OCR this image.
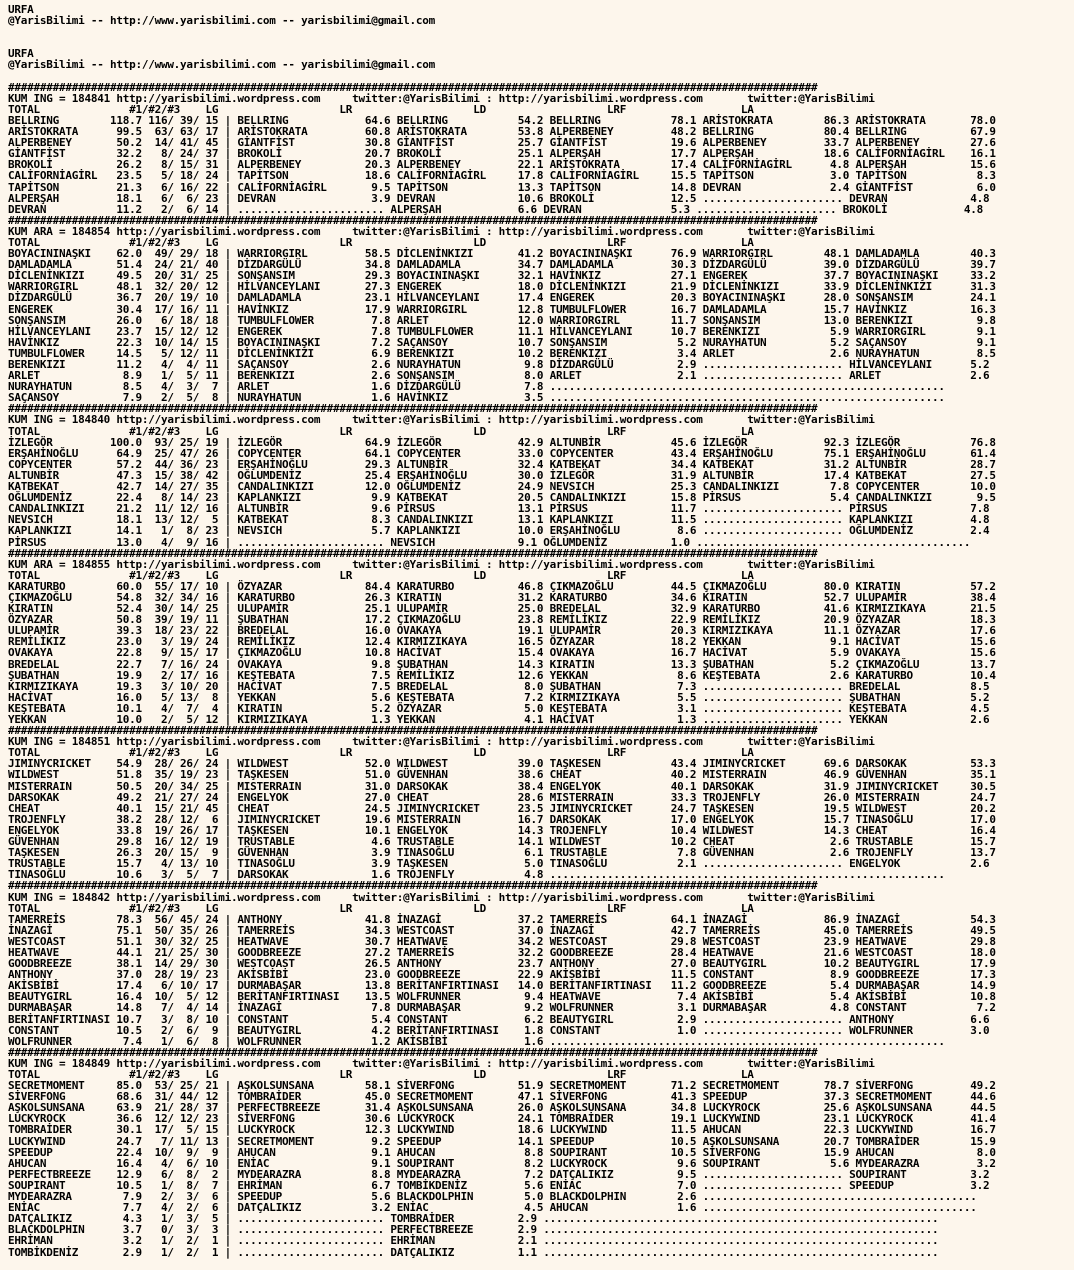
URFA
@YarisBilimi -- http://www.yarisbilimi.com -- yarisbilimi@gmail.com

URFA
@YarisBilimi -- http://www.yarisbilimi.com -- yarisbilimi@gmail.com

###############################################################################################################################
KUM ING = 184841 http://yarisbilimi.wordpress.com     twitter:@YarisBilimi : http://yarisbilimi.wordpress.com       twitter:@YarisBilimi
TOTAL              #1/#2/#3    LG                   LR                   LD                   LRF                  LA
BELLRING        118.7 116/ 39/ 15 | BELLRING            64.6 BELLRING           54.2 BELLRING           78.1 ARİSTOKRATA        86.3 ARİSTOKRATA       78.0
ARİSTOKRATA      99.5  63/ 63/ 17 | ARİSTOKRATA         60.8 ARİSTOKRATA        53.8 ALPERBENEY         48.2 BELLRING           80.4 BELLRING          67.9
ALPERBENEY       50.2  14/ 41/ 45 | GİANTFİST           30.8 GİANTFİST          25.7 GİANTFİST          19.6 ALPERBENEY         33.7 ALPERBENEY        27.6
GİANTFİST        32.2   8/ 24/ 37 | BROKOLİ             20.7 BROKOLİ            25.1 ALPERŞAH           17.7 ALPERŞAH           18.6 CALİFORNİAGİRL    16.1
BROKOLİ          26.2   8/ 15/ 31 | ALPERBENEY          20.3 ALPERBENEY         22.1 ARİSTOKRATA        17.4 CALİFORNİAGİRL      4.8 ALPERŞAH          15.6
CALİFORNİAGİRL   23.5   5/ 18/ 24 | TAPİTSON            18.6 CALİFORNİAGİRL     17.8 CALİFORNİAGİRL     15.5 TAPİTSON            3.0 TAPİTSON           8.3
TAPİTSON         21.3   6/ 16/ 22 | CALİFORNİAGİRL       9.5 TAPİTSON           13.3 TAPİTSON           14.8 DEVRAN              2.4 GİANTFİST          6.0
ALPERŞAH         18.1   6/  6/ 23 | DEVRAN               3.9 DEVRAN             10.6 BROKOLİ            12.5 ...................... DEVRAN             4.8
DEVRAN           11.2   2/  6/ 14 | ....................... ALPERŞAH            6.6 DEVRAN              5.3 ...................... BROKOLİ            4.8
###############################################################################################################################
KUM ARA = 184854 http://yarisbilimi.wordpress.com     twitter:@YarisBilimi : http://yarisbilimi.wordpress.com       twitter:@YarisBilimi
TOTAL              #1/#2/#3    LG                   LR                   LD                   LRF                  LA
BOYACININAŞKI    62.0  49/ 29/ 18 | WARRIORGIRL         58.5 DİCLENİNKIZI       41.2 BOYACININAŞKI      76.9 WARRIORGIRL        48.1 DAMLADAMLA        40.3
DAMLADAMLA       51.4  24/ 21/ 40 | DİZDARGÜLÜ          34.8 DAMLADAMLA         34.7 DAMLADAMLA         30.3 DİZDARGÜLÜ         39.0 DİZDARGÜLÜ        39.7
DİCLENİNKIZI     49.5  20/ 31/ 25 | SONŞANSIM           29.3 BOYACININAŞKI      32.1 HAVİNKIZ           27.1 ENGEREK            37.7 BOYACININAŞKI     33.2
WARRIORGIRL      48.1  32/ 20/ 12 | HİLVANCEYLANI       27.3 ENGEREK            18.0 DİCLENİNKIZI       21.9 DİCLENİNKIZI       33.9 DİCLENİNKIZI      31.3
DİZDARGÜLÜ       36.7  20/ 19/ 10 | DAMLADAMLA          23.1 HİLVANCEYLANI      17.4 ENGEREK            20.3 BOYACININAŞKI      28.0 SONŞANSIM         24.1
ENGEREK          30.4  17/ 16/ 11 | HAVİNKIZ            17.9 WARRIORGIRL        12.8 TUMBULFLOWER       16.7 DAMLADAMLA         15.7 HAVİNKIZ          16.3
SONŞANSIM        26.0   6/ 18/ 18 | TUMBULFLOWER         7.8 ARLET              12.0 WARRIORGIRL        11.7 SONŞANSIM          13.0 BERENKIZI          9.8
HİLVANCEYLANI    23.7  15/ 12/ 12 | ENGEREK              7.8 TUMBULFLOWER       11.1 HİLVANCEYLANI      10.7 BERENKIZI           5.9 WARRIORGIRL        9.1
HAVİNKIZ         22.3  10/ 14/ 15 | BOYACININAŞKI        7.2 SAÇANSOY           10.7 SONŞANSIM           5.2 NURAYHATUN          5.2 SAÇANSOY           9.1
TUMBULFLOWER     14.5   5/ 12/ 11 | DİCLENİNKIZI         6.9 BERENKIZI          10.2 BERENKIZI           3.4 ARLET               2.6 NURAYHATUN         8.5
BERENKIZI        11.2   4/  4/ 11 | SAÇANSOY             2.6 NURAYHATUN          9.8 DİZDARGÜLÜ          2.9 ...................... HİLVANCEYLANI      5.2
ARLET             8.9   1/  5/ 11 | BERENKIZI            2.6 SONŞANSIM           8.0 ARLET               2.1 ...................... ARLET              2.6
NURAYHATUN        8.5   4/  3/  7 | ARLET                1.6 DİZDARGÜLÜ          7.8 ..............................................................
SAÇANSOY          7.9   2/  5/  8 | NURAYHATUN           1.6 HAVİNKIZ            3.5 ..............................................................
###############################################################################################################################
KUM ING = 184840 http://yarisbilimi.wordpress.com     twitter:@YarisBilimi : http://yarisbilimi.wordpress.com       twitter:@YarisBilimi
TOTAL              #1/#2/#3    LG                   LR                   LD                   LRF                  LA
İZLEGÖR         100.0  93/ 25/ 19 | İZLEGÖR             64.9 İZLEGÖR            42.9 ALTUNBİR           45.6 İZLEGÖR            92.3 İZLEGÖR           76.8
ERŞAHİNOĞLU      64.9  25/ 47/ 26 | COPYCENTER          64.1 COPYCENTER         33.0 COPYCENTER         43.4 ERŞAHİNOĞLU        75.1 ERŞAHİNOĞLU       61.4
COPYCENTER       57.2  44/ 36/ 23 | ERŞAHİNOĞLU         29.3 ALTUNBİR           32.4 KATBEKAT           34.4 KATBEKAT           31.2 ALTUNBİR          28.7
ALTUNBİR         47.3  15/ 38/ 42 | OĞLUMDENİZ          25.4 ERŞAHİNOĞLU        30.0 İZLEGÖR            31.9 ALTUNBİR           17.4 KATBEKAT          27.5
KATBEKAT         42.7  14/ 27/ 35 | CANDALINKIZI        12.0 OĞLUMDENİZ         24.9 NEVSICH            25.3 CANDALINKIZI        7.8 COPYCENTER        10.0
OĞLUMDENİZ       22.4   8/ 14/ 23 | KAPLANKIZI           9.9 KATBEKAT           20.5 CANDALINKIZI       15.8 PİRSUS              5.4 CANDALINKIZI       9.5
CANDALINKIZI     21.2  11/ 12/ 16 | ALTUNBİR             9.6 PİRSUS             13.1 PİRSUS             11.7 ...................... PİRSUS             7.8
NEVSICH          18.1  13/ 12/  5 | KATBEKAT             8.3 CANDALINKIZI       13.1 KAPLANKIZI         11.5 ...................... KAPLANKIZI         4.8
KAPLANKIZI       14.1   1/  8/ 23 | NEVSICH              5.7 KAPLANKIZI         10.0 ERŞAHİNOĞLU         8.6 ...................... OĞLUMDENİZ         2.4
PİRSUS           13.0   4/  9/ 16 | ....................... NEVSICH             9.1 OĞLUMDENİZ          1.0 ...........................................
###############################################################################################################################
KUM ARA = 184855 http://yarisbilimi.wordpress.com     twitter:@YarisBilimi : http://yarisbilimi.wordpress.com       twitter:@YarisBilimi
TOTAL              #1/#2/#3    LG                   LR                   LD                   LRF                  LA
KARATURBO        60.0  55/ 17/ 10 | ÖZYAZAR             84.4 KARATURBO          46.8 ÇIKMAZOĞLU         44.5 ÇIKMAZOĞLU         80.0 KIRATIN           57.2
ÇIKMAZOĞLU       54.8  32/ 34/ 16 | KARATURBO           26.3 KIRATIN            31.2 KARATURBO          34.6 KIRATIN            52.7 ULUPAMİR          38.4
KIRATIN          52.4  30/ 14/ 25 | ULUPAMİR            25.1 ULUPAMİR           25.0 BREDELAL           32.9 KARATURBO          41.6 KIRMIZIKAYA       21.5
ÖZYAZAR          50.8  39/ 19/ 11 | ŞUBATHAN            17.2 ÇIKMAZOĞLU         23.8 REMİLİKIZ          22.9 REMİLİKIZ          20.9 ÖZYAZAR           18.3
ULUPAMİR         39.3  18/ 23/ 22 | BREDELAL            16.0 OVAKAYA            19.1 ULUPAMİR           20.3 KIRMIZIKAYA        11.1 ÖZYAZAR           17.6
REMİLİKIZ        23.0   3/ 19/ 24 | REMİLİKIZ           12.4 KIRMIZIKAYA        16.5 ÖZYAZAR            18.2 YEKKAN              9.1 HACİVAT           15.6
OVAKAYA          22.8   9/ 15/ 17 | ÇIKMAZOĞLU          10.8 HACİVAT            15.4 OVAKAYA            16.7 HACİVAT             5.9 OVAKAYA           15.6
BREDELAL         22.7   7/ 16/ 24 | OVAKAYA              9.8 ŞUBATHAN           14.3 KIRATIN            13.3 ŞUBATHAN            5.2 ÇIKMAZOĞLU        13.7
ŞUBATHAN         19.9   2/ 17/ 16 | KEŞTEBATA            7.5 REMİLİKIZ          12.6 YEKKAN              8.6 KEŞTEBATA           2.6 KARATURBO         10.4
KIRMIZIKAYA      19.3   3/ 10/ 20 | HACİVAT              7.5 BREDELAL            8.0 ŞUBATHAN            7.3 ...................... BREDELAL           8.5
HACİVAT          16.0   5/ 13/  8 | YEKKAN               5.6 KEŞTEBATA           7.2 KIRMIZIKAYA         5.5 ...................... ŞUBATHAN           5.2
KEŞTEBATA        10.1   4/  7/  4 | KIRATIN              5.2 ÖZYAZAR             5.0 KEŞTEBATA           3.1 ...................... KEŞTEBATA          4.5
YEKKAN           10.0   2/  5/ 12 | KIRMIZIKAYA          1.3 YEKKAN              4.1 HACİVAT             1.3 ...................... YEKKAN             2.6
###############################################################################################################################
KUM ING = 184851 http://yarisbilimi.wordpress.com     twitter:@YarisBilimi : http://yarisbilimi.wordpress.com       twitter:@YarisBilimi
TOTAL              #1/#2/#3    LG                   LR                   LD                   LRF                  LA
JIMINYCRICKET    54.9  28/ 26/ 24 | WILDWEST            52.0 WILDWEST           39.0 TAŞKESEN           43.4 JIMINYCRICKET      69.6 DARSOKAK          53.3
WILDWEST         51.8  35/ 19/ 23 | TAŞKESEN            51.0 GÜVENHAN           38.6 CHEAT              40.2 MISTERRAIN         46.9 GÜVENHAN          35.1
MISTERRAIN       50.5  20/ 34/ 25 | MISTERRAIN          31.0 DARSOKAK           38.4 ENGELYOK           40.1 DARSOKAK           31.9 JIMINYCRICKET     30.5
DARSOKAK         49.2  21/ 27/ 24 | ENGELYOK            27.0 CHEAT              28.6 MISTERRAIN         33.3 TROJENFLY          26.0 MISTERRAIN        24.7
CHEAT            40.1  15/ 21/ 45 | CHEAT               24.5 JIMINYCRICKET      23.5 JIMINYCRICKET      24.7 TAŞKESEN           19.5 WILDWEST          20.2
TROJENFLY        38.2  28/ 12/  6 | JIMINYCRICKET       19.6 MISTERRAIN         16.7 DARSOKAK           17.0 ENGELYOK           15.7 TINASOĞLU         17.0
ENGELYOK         33.8  19/ 26/ 17 | TAŞKESEN            10.1 ENGELYOK           14.3 TROJENFLY          10.4 WILDWEST           14.3 CHEAT             16.4
GÜVENHAN         29.8  16/ 12/ 19 | TRUSTABLE            4.6 TRUSTABLE          14.1 WILDWEST           10.2 CHEAT               2.6 TRUSTABLE         15.7
TAŞKESEN         26.3  20/ 15/  9 | GÜVENHAN             3.9 TINASOĞLU           6.1 TRUSTABLE           7.8 GÜVENHAN            2.6 TROJENFLY         13.7
TRUSTABLE        15.7   4/ 13/ 10 | TINASOĞLU            3.9 TAŞKESEN            5.0 TINASOĞLU           2.1 ...................... ENGELYOK           2.6
TINASOĞLU        10.6   3/  5/  7 | DARSOKAK             1.6 TROJENFLY           4.8 ..............................................................
###############################################################################################################################
KUM ING = 184842 http://yarisbilimi.wordpress.com     twitter:@YarisBilimi : http://yarisbilimi.wordpress.com       twitter:@YarisBilimi
TOTAL              #1/#2/#3    LG                   LR                   LD                   LRF                  LA
TAMERREİS        78.3  56/ 45/ 24 | ANTHONY             41.8 İNAZAGİ            37.2 TAMERREİS          64.1 İNAZAGİ            86.9 İNAZAGİ           54.3
İNAZAGİ          75.1  50/ 35/ 26 | TAMERREİS           34.3 WESTCOAST          37.0 İNAZAGİ            42.7 TAMERREİS          45.0 TAMERREİS         49.5
WESTCOAST        51.1  30/ 32/ 25 | HEATWAVE            30.7 HEATWAVE           34.2 WESTCOAST          29.8 WESTCOAST          23.9 HEATWAVE          29.8
HEATWAVE         44.1  21/ 25/ 30 | GOODBREEZE          27.2 TAMERREİS          32.2 GOODBREEZE         28.4 HEATWAVE           21.6 WESTCOAST         18.0
GOODBREEZE       38.1  14/ 29/ 30 | WESTCOAST           26.5 ANTHONY            23.7 ANTHONY            27.0 BEAUTYGIRL         10.2 BEAUTYGIRL        17.9
ANTHONY          37.0  28/ 19/ 23 | AKİSBİBİ            23.0 GOODBREEZE         22.9 AKİSBİBİ           11.5 CONSTANT            8.9 GOODBREEZE        17.3
AKİSBİBİ         17.4   6/ 10/ 17 | DURMABAŞAR          13.8 BERİTANFIRTINASI   14.0 BERİTANFIRTINASI   11.2 GOODBREEZE          5.4 DURMABAŞAR        14.9
BEAUTYGIRL       16.4  10/  5/ 12 | BERİTANFIRTINASI    13.5 WOLFRUNNER          9.4 HEATWAVE            7.4 AKİSBİBİ            5.4 AKİSBİBİ          10.8
DURMABAŞAR       14.8   7/  4/ 14 | İNAZAGİ              7.8 DURMABAŞAR          9.2 WOLFRUNNER          3.1 DURMABAŞAR          4.8 CONSTANT           7.2
BERİTANFIRTINASI 10.7   3/  8/ 10 | CONSTANT             5.4 CONSTANT            6.2 BEAUTYGIRL          2.9 ...................... ANTHONY            6.6
CONSTANT         10.5   2/  6/  9 | BEAUTYGIRL           4.2 BERİTANFIRTINASI    1.8 CONSTANT            1.0 ...................... WOLFRUNNER         3.0
WOLFRUNNER        7.4   1/  6/  8 | WOLFRUNNER           1.2 AKİSBİBİ            1.6 ..............................................................
###############################################################################################################################
KUM ING = 184849 http://yarisbilimi.wordpress.com     twitter:@YarisBilimi : http://yarisbilimi.wordpress.com       twitter:@YarisBilimi
TOTAL              #1/#2/#3    LG                   LR                   LD                   LRF                  LA
SECRETMOMENT     85.0  53/ 25/ 21 | AŞKOLSUNSANA        58.1 SİVERFONG          51.9 SECRETMOMENT       71.2 SECRETMOMENT       78.7 SİVERFONG         49.2
SİVERFONG        68.6  31/ 44/ 12 | TOMBRAİDER          45.0 SECRETMOMENT       47.1 SİVERFONG          41.3 SPEEDUP            37.3 SECRETMOMENT      44.6
AŞKOLSUNSANA     63.9  21/ 28/ 37 | PERFECTBREEZE       31.4 AŞKOLSUNSANA       26.0 AŞKOLSUNSANA       34.8 LUCKYROCK          25.6 AŞKOLSUNSANA      44.5
LUCKYROCK        36.6  12/ 12/ 23 | SİVERFONG           30.6 LUCKYROCK          24.1 TOMBRAİDER         19.1 LUCKYWIND          23.1 LUCKYROCK         41.4
TOMBRAİDER       30.1  17/  5/ 15 | LUCKYROCK           12.3 LUCKYWIND          18.6 LUCKYWIND          11.5 AHUCAN             22.3 LUCKYWIND         16.7
LUCKYWIND        24.7   7/ 11/ 13 | SECRETMOMENT         9.2 SPEEDUP            14.1 SPEEDUP            10.5 AŞKOLSUNSANA       20.7 TOMBRAİDER        15.9
SPEEDUP          22.4  10/  9/  9 | AHUCAN               9.1 AHUCAN              8.8 SOUPIRANT          10.5 SİVERFONG          15.9 AHUCAN             8.0
AHUCAN           16.4   4/  6/ 10 | ENİAC                9.1 SOUPIRANT           8.2 LUCKYROCK           9.6 SOUPIRANT           5.6 MYDEARAZRA         3.2
PERFECTBREEZE    12.9   6/  8/  2 | MYDEARAZRA           8.8 MYDEARAZRA          7.2 DATÇALIKIZ          9.5 ...................... SOUPIRANT          3.2
SOUPIRANT        10.5   1/  8/  7 | EHRİMAN              6.7 TOMBİKDENİZ         5.6 ENİAC               7.0 ...................... SPEEDUP            3.2
MYDEARAZRA        7.9   2/  3/  6 | SPEEDUP              5.6 BLACKDOLPHIN        5.0 BLACKDOLPHIN        2.6 ...........................................
ENİAC             7.7   4/  2/  6 | DATÇALIKIZ           3.2 ENİAC               4.5 AHUCAN              1.6 ...........................................
DATÇALIKIZ        4.3   1/  3/  5 | ....................... TOMBRAİDER          2.9 ..............................................................
BLACKDOLPHIN      3.7   0/  3/  3 | ....................... PERFECTBREEZE       2.9 ..............................................................
EHRİMAN           3.2   1/  2/  1 | ....................... EHRİMAN             2.1 ..............................................................
TOMBİKDENİZ       2.9   1/  2/  1 | ....................... DATÇALIKIZ          1.1 ..............................................................
